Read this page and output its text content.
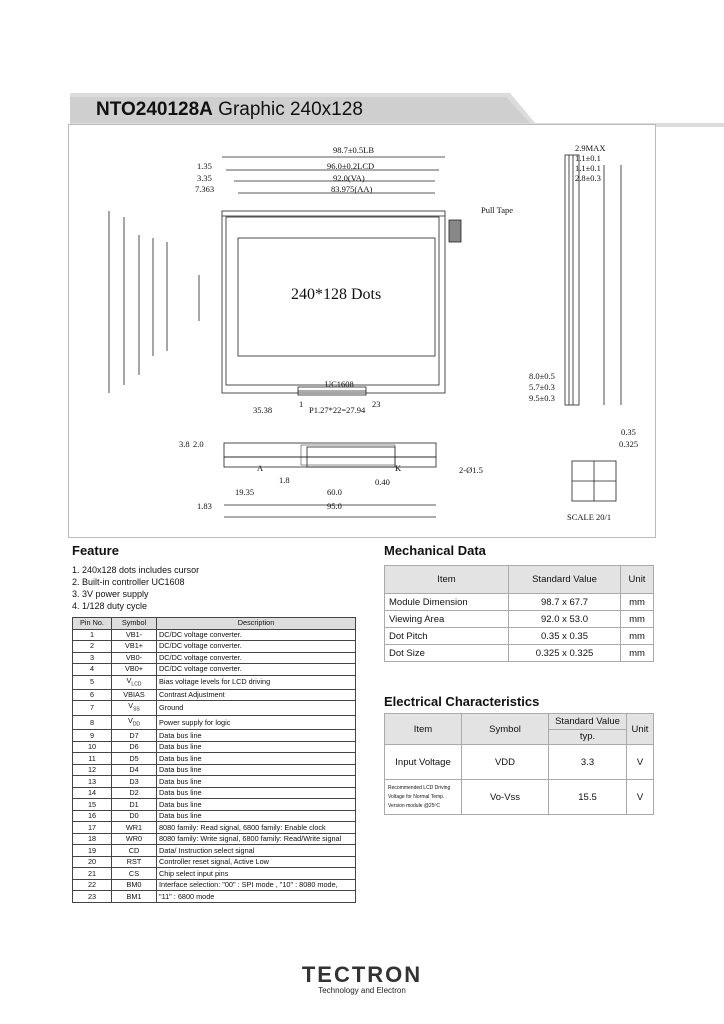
NTO240128A Graphic 240x128
98.7±0.5LB
96.0±0.2LCD
92.0(VA)
83.975(AA)
1.35
3.35
7.363
Pull Tape
240*128 Dots
UC1608
35.38	P1.27*22=27.94
1	23
2.9MAX
1.1±0.1
1.1±0.1
2.8±0.3
8.0±0.5
5.7±0.3
9.5±0.3
3.8 2.0
A
1.8
K
0.40
2-Ø1.5
19.35	60.0
1.83	95.0
0.35
0.325
SCALE 20/1
Feature
1. 240x128 dots includes cursor
2. Built-in controller UC1608
3. 3V power supply
4. 1/128 duty cycle
Pin No.	Symbol	Description
1	VB1-	DC/DC voltage converter.
2	VB1+	DC/DC voltage converter.
3	VB0-	DC/DC voltage converter.
4	VB0+	DC/DC voltage converter.
5	$V_{LCD}$	Bias voltage levels for LCD driving
6	VBIAS	Contrast Adjustment
7	$V_{SS}$	Ground
8	$V_{DD}$	Power supply for logic
9	D7	Data bus line
10	D6	Data bus line
11	D5	Data bus line
12	D4	Data bus line
13	D3	Data bus line
14	D2	Data bus line
15	D1	Data bus line
16	D0	Data bus line
17	WR1	8080 family: Read signal, 6800 family: Enable clock
18	WR0	8080 family: Write signal, 6800 family: Read/Write signal
19	CD	Data/ Instruction select signal
20	RST	Controller reset signal, Active Low
21	CS	Chip select input pins
22	BM0	Interface selection: "00" : SPI mode , "10" : 8080 mode,
23	BM1	"11" : 6800 mode
Mechanical Data
Item	Standard Value	Unit
Module Dimension	98.7 x 67.7	mm
Viewing Area	92.0 x 53.0	mm
Dot Pitch	0.35 x 0.35	mm
Dot Size	0.325 x 0.325	mm
Electrical Characteristics
Item	Symbol	Standard Value	Unit
		typ.	
Input Voltage	VDD	3.3	V

Recommended LCD Driving
Voltage for Normal Temp.
Version module @25ºC	Vo-Vss	15.5	V
TECTRON
Technology and Electron
